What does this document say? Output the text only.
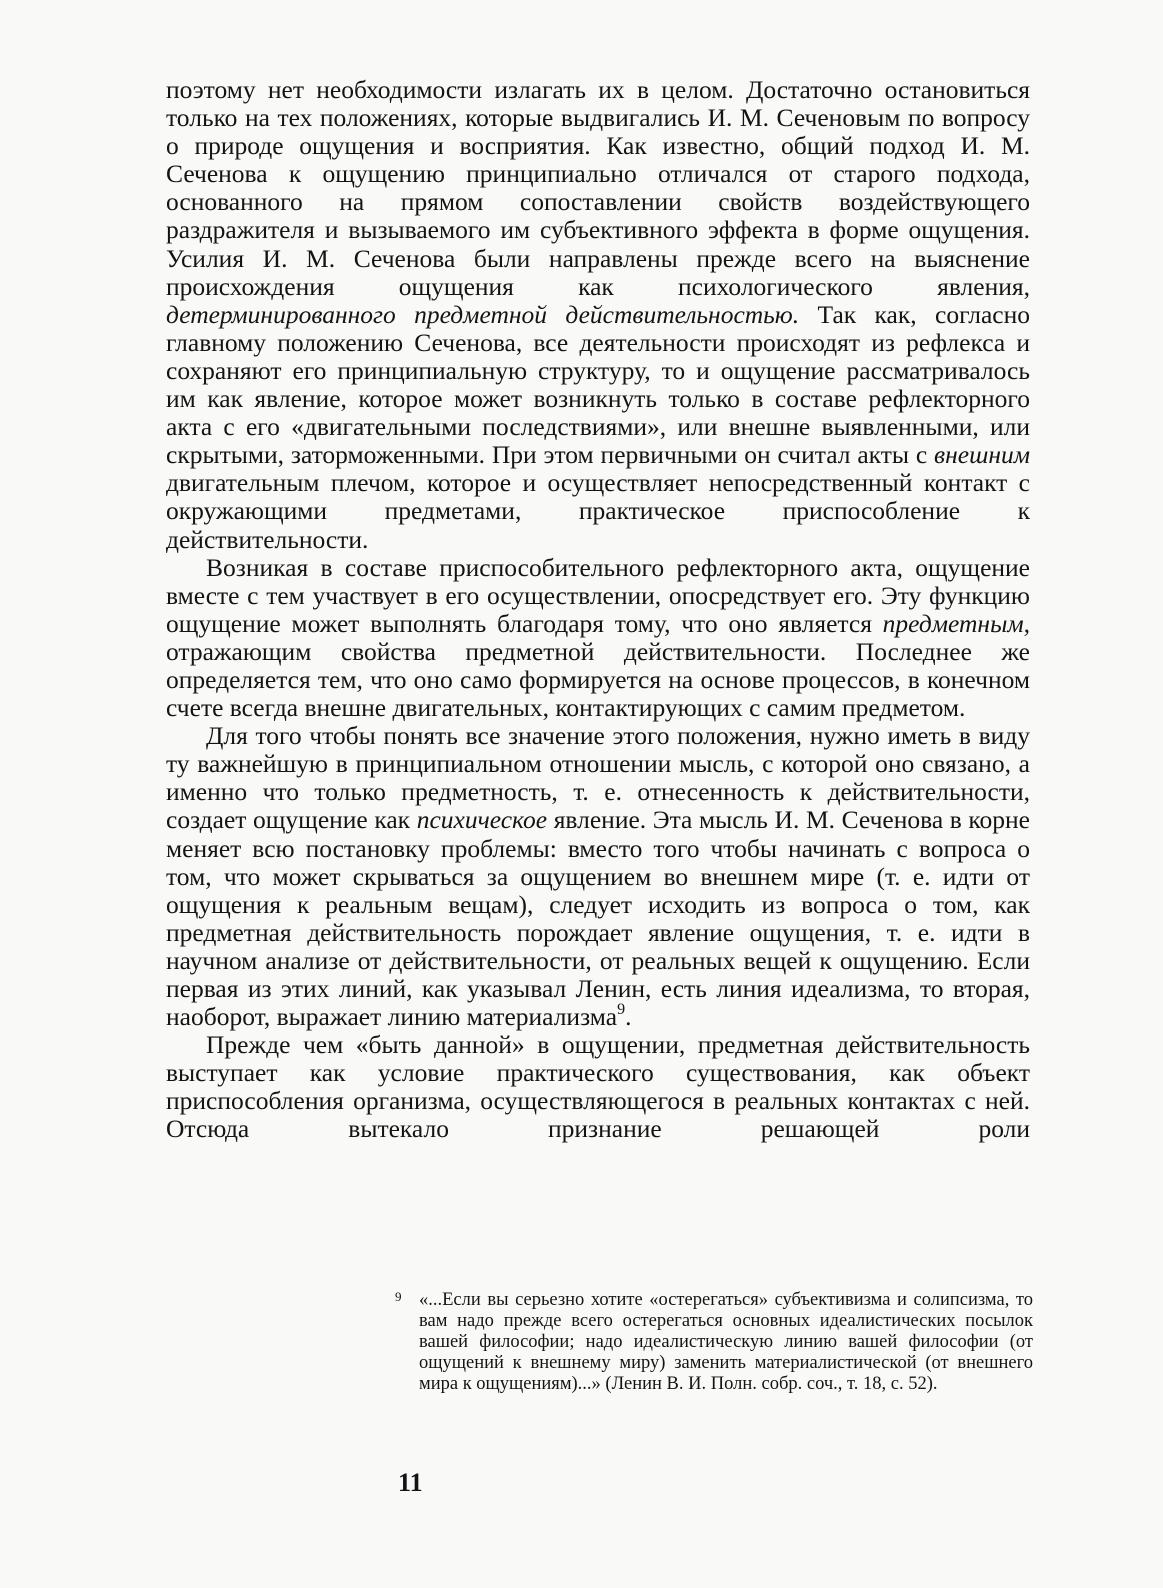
поэтому нет необходимости излагать их в целом. Достаточно остановиться только на тех положениях, которые выдвигались И. М. Сеченовым по вопросу о природе ощущения и восприятия. Как известно, общий подход И. М. Сеченова к ощущению принципиально отличался от старого подхода, основанного на прямом сопоставлении свойств воздействующего раздражителя и вызываемого им субъективного эффекта в форме ощущения. Усилия И. М. Сеченова были направлены прежде всего на выяснение происхождения ощущения как психологического явления, детерминированного предметной действительностью. Так как, согласно главному положению Сеченова, все деятельности происходят из рефлекса и сохраняют его принципиальную структуру, то и ощущение рассматривалось им как явление, которое может возникнуть только в составе рефлекторного акта с его «двигательными последствиями», или внешне выявленными, или скрытыми, заторможенными. При этом первичными он считал акты с внешним двигательным плечом, которое и осуществляет непосредственный контакт с окружающими предметами, практическое приспособление к действительности.

Возникая в составе приспособительного рефлекторного акта, ощущение вместе с тем участвует в его осуществлении, опосредствует его. Эту функцию ощущение может выполнять благодаря тому, что оно является предметным, отражающим свойства предметной действительности. Последнее же определяется тем, что оно само формируется на основе процессов, в конечном счете всегда внешне двигательных, контактирующих с самим предметом.

Для того чтобы понять все значение этого положения, нужно иметь в виду ту важнейшую в принципиальном отношении мысль, с которой оно связано, а именно что только предметность, т. е. отнесенность к действительности, создает ощущение как психическое явление. Эта мысль И. М. Сеченова в корне меняет всю постановку проблемы: вместо того чтобы начинать с вопроса о том, что может скрываться за ощущением во внешнем мире (т. е. идти от ощущения к реальным вещам), следует исходить из вопроса о том, как предметная действительность порождает явление ощущения, т. е. идти в научном анализе от действительности, от реальных вещей к ощущению. Если первая из этих линий, как указывал Ленин, есть линия идеализма, то вторая, наоборот, выражает линию материализма$^9$.

Прежде чем «быть данной» в ощущении, предметная действительность выступает как условие практического существования, как объект приспособления организма, осуществляющегося в реальных контактах с ней. Отсюда вытекало признание решающей роли

9 «...Если вы серьезно хотите «остерегаться» субъективизма и солипсизма, то вам надо прежде всего остерегаться основных идеалистических посылок вашей философии; надо идеалистическую линию вашей философии (от ощущений к внешнему миру) заменить материалистической (от внешнего мира к ощущениям)...» (Ленин В. И. Полн. собр. соч., т. 18, с. 52).
11
